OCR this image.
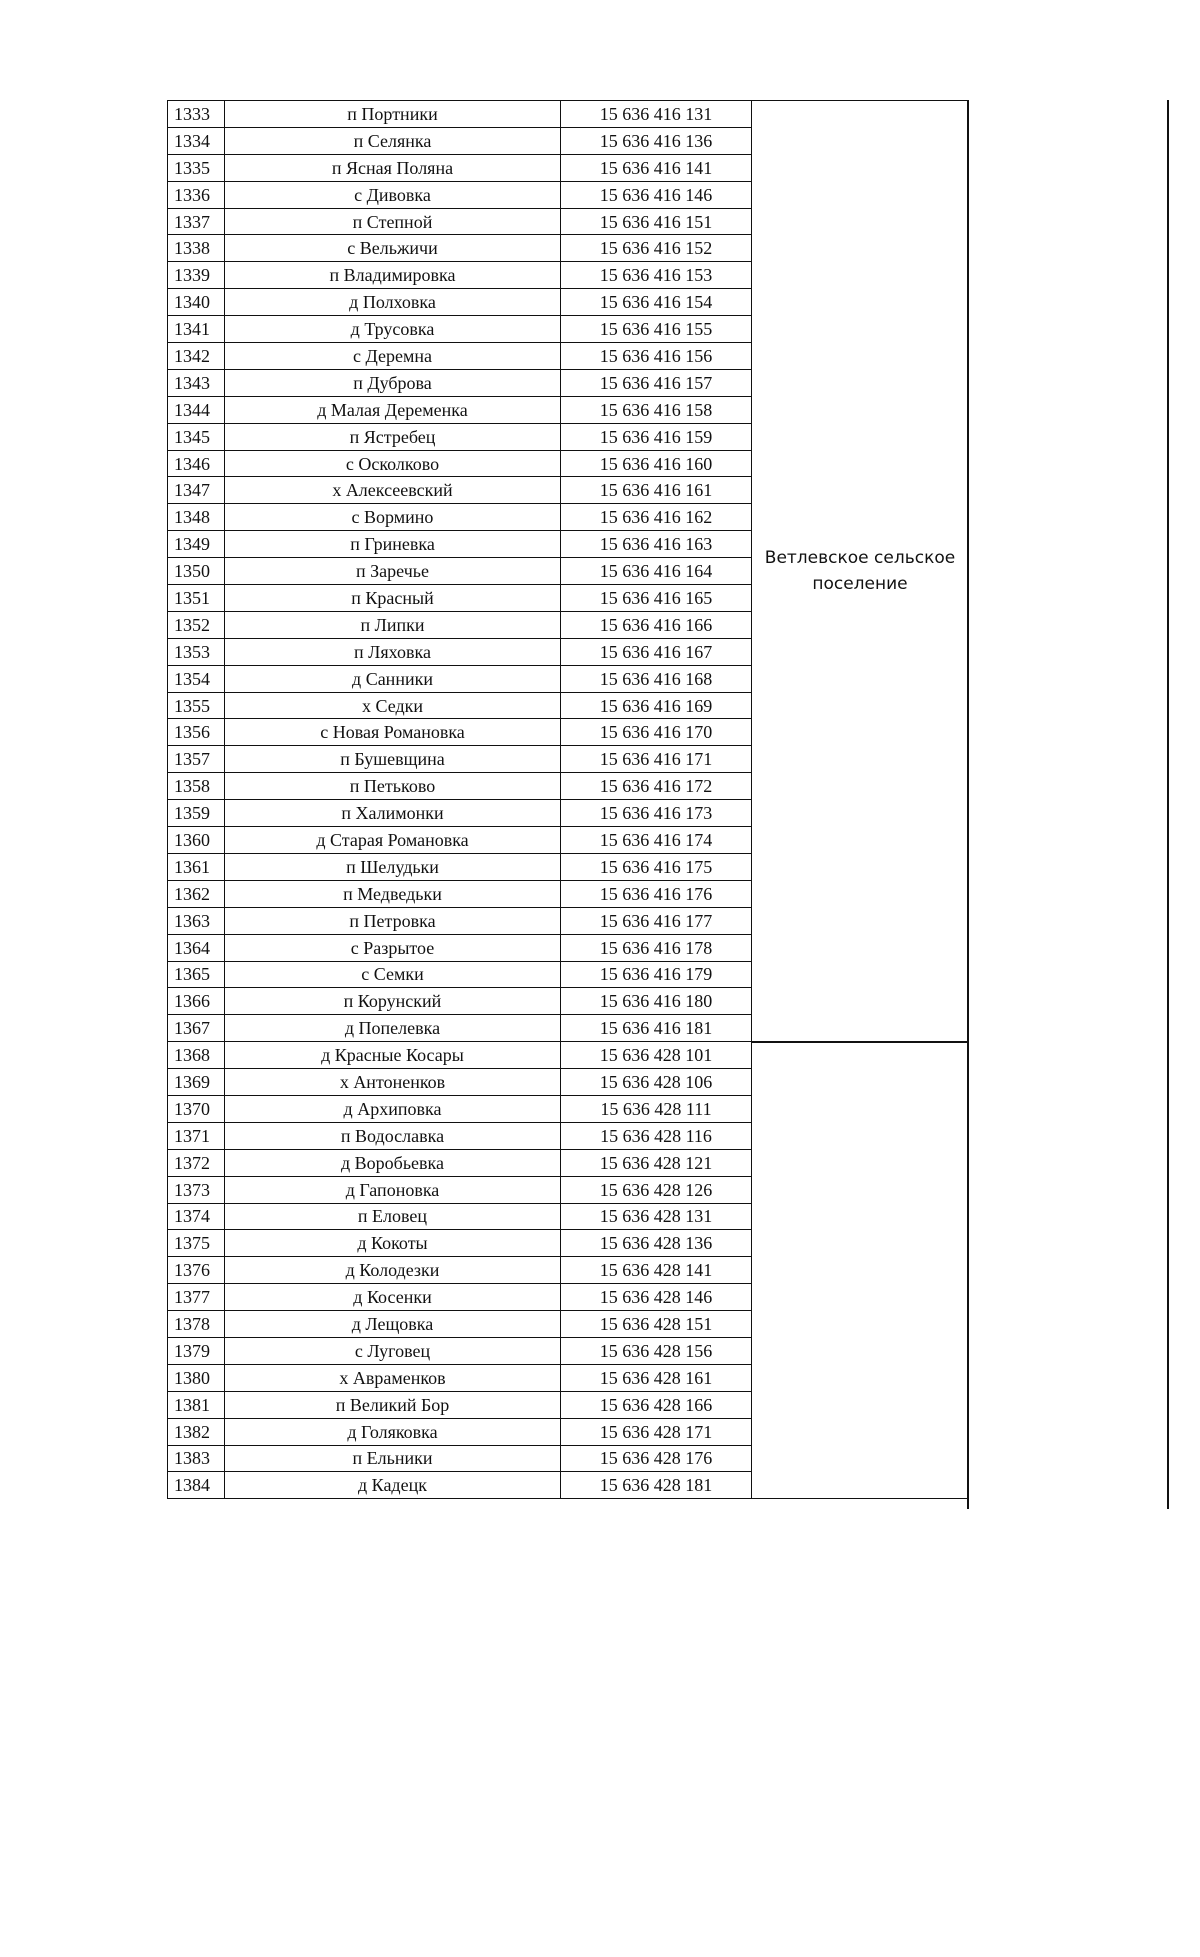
1333	п Портники	15 636 416 131	Ветлевское сельское поселение
1334	п Селянка	15 636 416 136	
1335	п Ясная Поляна	15 636 416 141	
1336	с Дивовка	15 636 416 146	
1337	п Степной	15 636 416 151	
1338	с Вельжичи	15 636 416 152	
1339	п Владимировка	15 636 416 153	
1340	д Полховка	15 636 416 154	
1341	д Трусовка	15 636 416 155	
1342	с Деремна	15 636 416 156	
1343	п Дуброва	15 636 416 157	
1344	д Малая Деременка	15 636 416 158	
1345	п Ястребец	15 636 416 159	
1346	с Осколково	15 636 416 160	
1347	х Алексеевский	15 636 416 161	
1348	с Вормино	15 636 416 162	
1349	п Гриневка	15 636 416 163	
1350	п Заречье	15 636 416 164	
1351	п Красный	15 636 416 165	
1352	п Липки	15 636 416 166	
1353	п Ляховка	15 636 416 167	
1354	д Санники	15 636 416 168	
1355	х Седки	15 636 416 169	
1356	с Новая Романовка	15 636 416 170	
1357	п Бушевщина	15 636 416 171	
1358	п Петьково	15 636 416 172	
1359	п Халимонки	15 636 416 173	
1360	д Старая Романовка	15 636 416 174	
1361	п Шелудьки	15 636 416 175	
1362	п Медведьки	15 636 416 176	
1363	п Петровка	15 636 416 177	
1364	с Разрытое	15 636 416 178	
1365	с Семки	15 636 416 179	
1366	п Корунский	15 636 416 180	
1367	д Попелевка	15 636 416 181	
1368	д Красные Косары	15 636 428 101	
1369	х Антоненков	15 636 428 106	
1370	д Архиповка	15 636 428 111	
1371	п Водославка	15 636 428 116	
1372	д Воробьевка	15 636 428 121	
1373	д Гапоновка	15 636 428 126	
1374	п Еловец	15 636 428 131	
1375	д Кокоты	15 636 428 136	
1376	д Колодезки	15 636 428 141	
1377	д Косенки	15 636 428 146	
1378	д Лещовка	15 636 428 151	
1379	с Луговец	15 636 428 156	
1380	х Авраменков	15 636 428 161	
1381	п Великий Бор	15 636 428 166	
1382	д Голяковка	15 636 428 171	
1383	п Ельники	15 636 428 176	
1384	д Кадецк	15 636 428 181	
